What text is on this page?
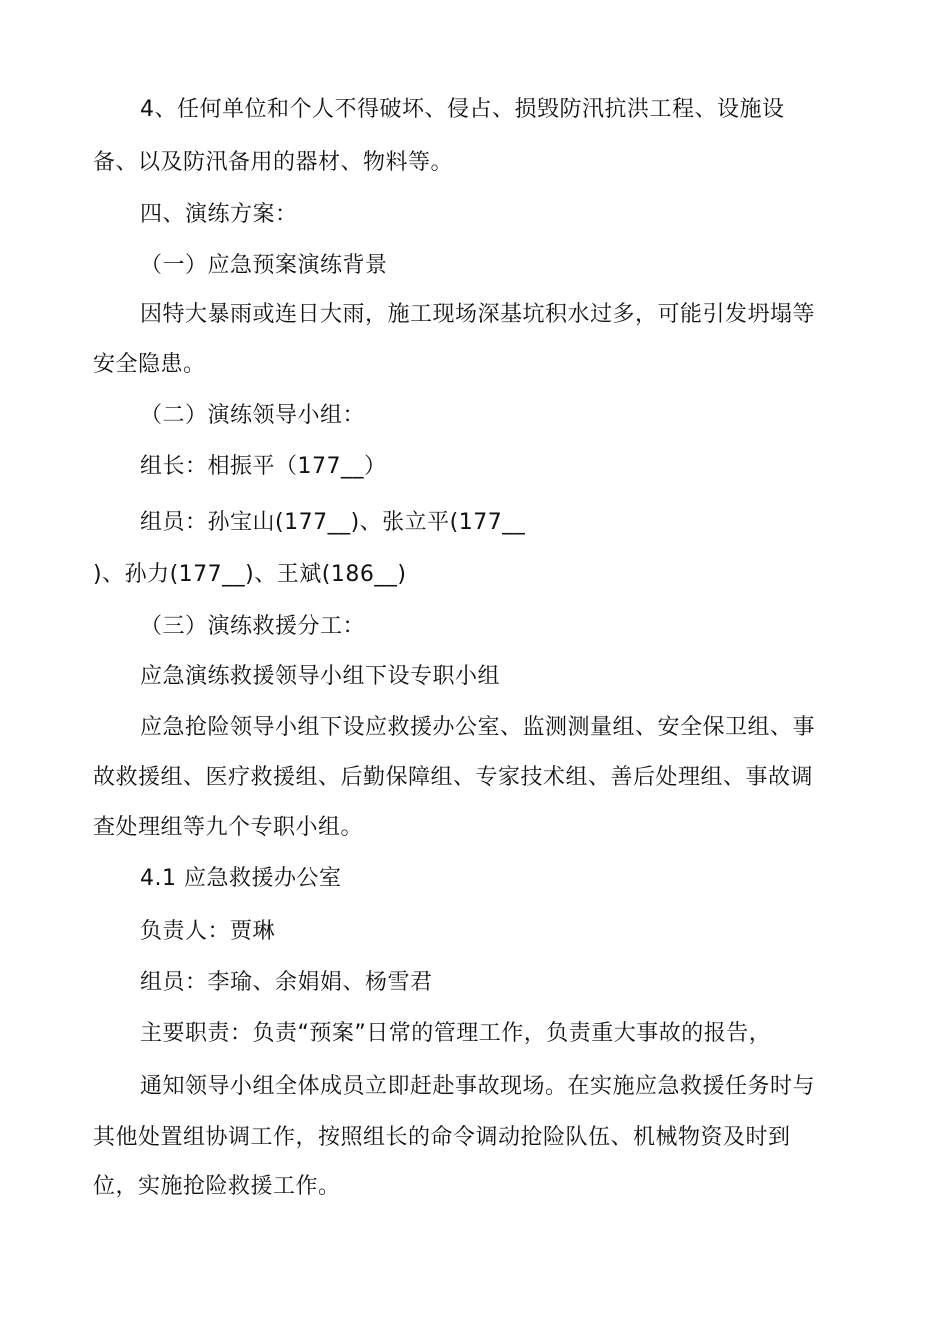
4、任何单位和个人不得破坏、侵占、损毁防汛抗洪工程、设施设
备、以及防汛备用的器材、物料等。
四、演练方案：
（一）应急预案演练背景
因特大暴雨或连日大雨，施工现场深基坑积水过多，可能引发坍塌等
安全隐患。
（二）演练领导小组：
组长：相振平（177__）
组员：孙宝山(177__)、张立平(177__
)、孙力(177__)、王斌(186__)
（三）演练救援分工：
应急演练救援领导小组下设专职小组
应急抢险领导小组下设应救援办公室、监测测量组、安全保卫组、事
故救援组、医疗救援组、后勤保障组、专家技术组、善后处理组、事故调
查处理组等九个专职小组。
4.1 应急救援办公室
负责人：贾琳
组员：李瑜、余娟娟、杨雪君
主要职责：负责“预案”日常的管理工作，负责重大事故的报告，
通知领导小组全体成员立即赶赴事故现场。在实施应急救援任务时与
其他处置组协调工作，按照组长的命令调动抢险队伍、机械物资及时到
位，实施抢险救援工作。
